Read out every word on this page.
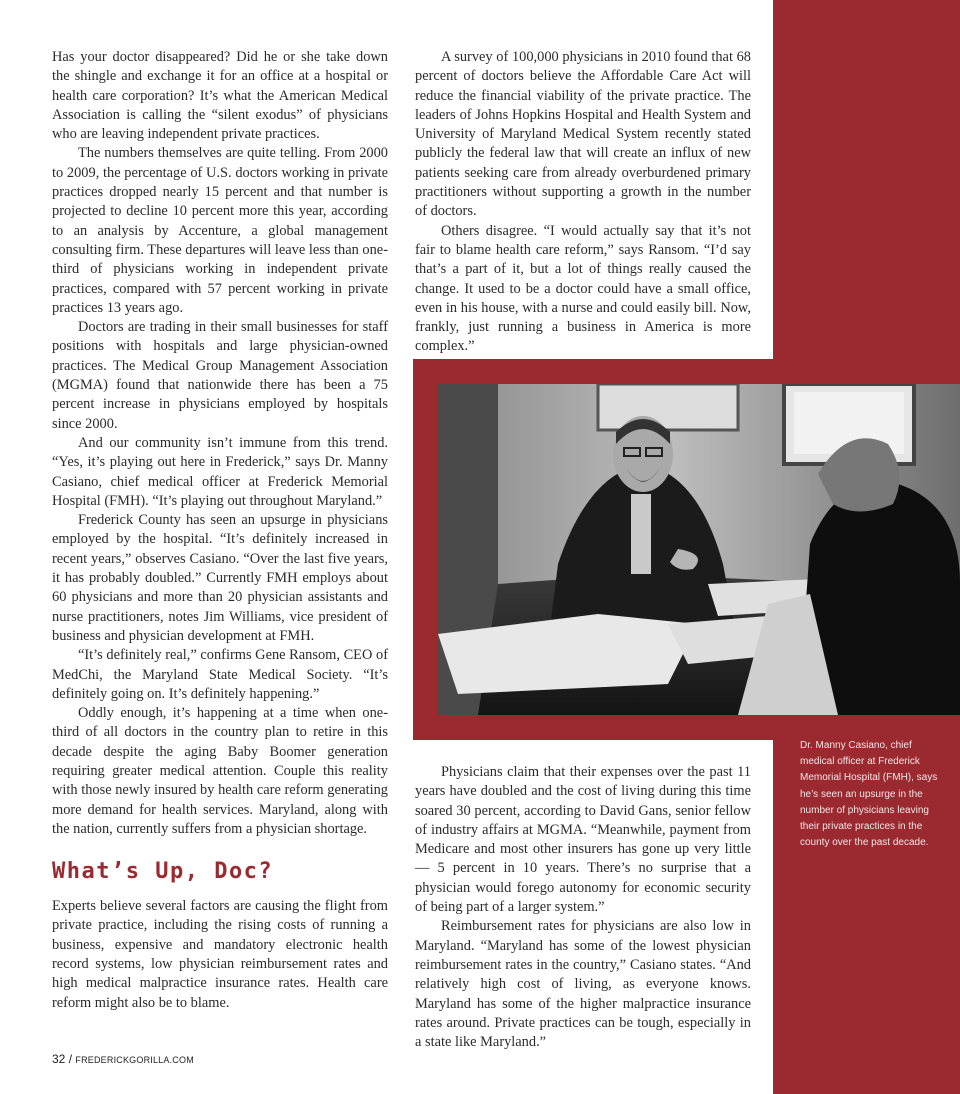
Has your doctor disappeared? Did he or she take down the shingle and exchange it for an office at a hospital or health care corporation? It’s what the American Medical Association is calling the “silent exodus” of physicians who are leaving independent private practices.

The numbers themselves are quite telling. From 2000 to 2009, the percentage of U.S. doctors working in private practices dropped nearly 15 percent and that number is projected to decline 10 percent more this year, according to an analysis by Accenture, a global management consulting firm. These departures will leave less than one-third of physicians working in independent private practices, compared with 57 percent working in private practices 13 years ago.

Doctors are trading in their small businesses for staff positions with hospitals and large physician-owned practices. The Medical Group Management Association (MGMA) found that nationwide there has been a 75 percent increase in physicians employed by hospitals since 2000.

And our community isn’t immune from this trend. “Yes, it’s playing out here in Frederick,” says Dr. Manny Casiano, chief medical officer at Frederick Memorial Hospital (FMH). “It’s playing out throughout Maryland.”

Frederick County has seen an upsurge in physicians employed by the hospital. “It’s definitely increased in recent years,” observes Casiano. “Over the last five years, it has probably doubled.” Currently FMH employs about 60 physicians and more than 20 physician assistants and nurse practitioners, notes Jim Williams, vice president of business and physician development at FMH.

“It’s definitely real,” confirms Gene Ransom, CEO of MedChi, the Maryland State Medical Society. “It’s definitely going on. It’s definitely happening.”

Oddly enough, it’s happening at a time when one-third of all doctors in the country plan to retire in this decade despite the aging Baby Boomer generation requiring greater medical attention. Couple this reality with those newly insured by health care reform generating more demand for health services. Maryland, along with the nation, currently suffers from a physician shortage.

What’s Up, Doc?

Experts believe several factors are causing the flight from private practice, including the rising costs of running a business, expensive and mandatory electronic health record systems, low physician reimbursement rates and high medical malpractice insurance rates. Health care reform might also be to blame.

A survey of 100,000 physicians in 2010 found that 68 percent of doctors believe the Affordable Care Act will reduce the financial viability of the private practice. The leaders of Johns Hopkins Hospital and Health System and University of Maryland Medical System recently stated publicly the federal law that will create an influx of new patients seeking care from already overburdened primary practitioners without supporting a growth in the number of doctors.

Others disagree. “I would actually say that it’s not fair to blame health care reform,” says Ransom. “I’d say that’s a part of it, but a lot of things really caused the change. It used to be a doctor could have a small office, even in his house, with a nurse and could easily bill. Now, frankly, just running a business in America is more complex.”

Physicians claim that their expenses over the past 11 years have doubled and the cost of living during this time soared 30 percent, according to David Gans, senior fellow of industry affairs at MGMA. “Meanwhile, payment from Medicare and most other insurers has gone up very little — 5 percent in 10 years. There’s no surprise that a physician would forego autonomy for economic security of being part of a larger system.”

Reimbursement rates for physicians are also low in Maryland. “Maryland has some of the lowest physician reimbursement rates in the country,” Casiano states. “And relatively high cost of living, as everyone knows. Maryland has some of the higher malpractice insurance rates around. Private practices can be tough, especially in a state like Maryland.”

Dr. Manny Casiano, chief medical officer at Frederick Memorial Hospital (FMH), says he’s seen an upsurge in the number of physicians leaving their private practices in the county over the past decade.
32 / FREDERICKGORILLA.COM
